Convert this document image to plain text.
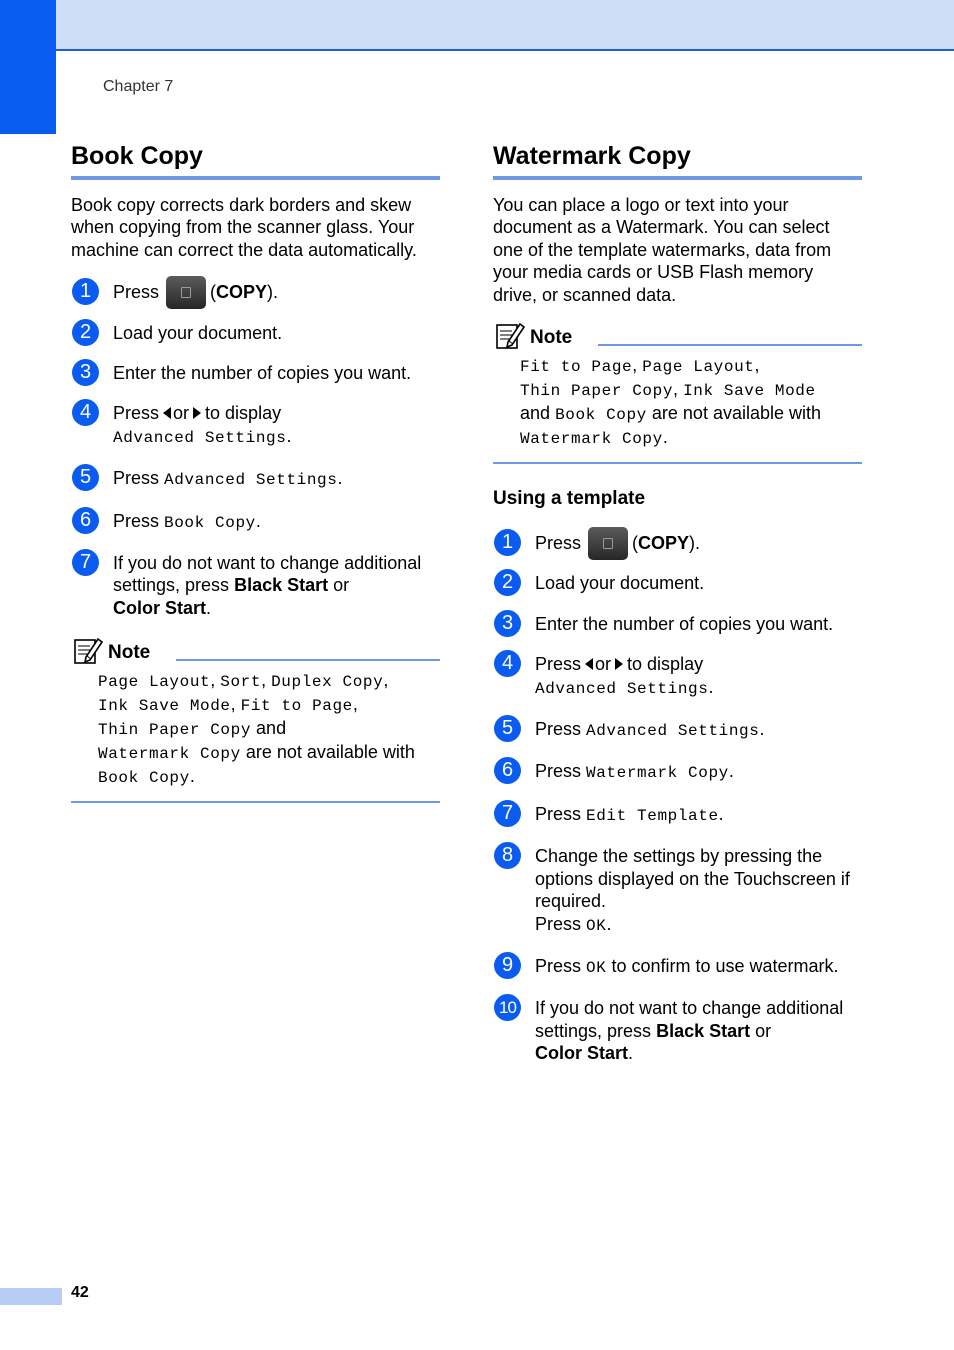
Chapter 7
Book Copy

Book copy corrects dark borders and skew when copying from the scanner glass. Your machine can correct the data automatically.

1	Press	(COPY).
2	Load your document.
3	Enter the number of copies you want.
4	Press or to display
Advanced Settings.
5	Press Advanced Settings.
6	Press Book Copy.
7	If you do not want to change additional settings, press Black Start or
Color Start.
Note
Page Layout, Sort, Duplex Copy,
Ink Save Mode, Fit to Page,
Thin Paper Copy and
Watermark Copy are not available with
Book Copy.
Watermark Copy

You can place a logo or text into your document as a Watermark. You can select one of the template watermarks, data from your media cards or USB Flash memory drive, or scanned data.

Note
Fit to Page, Page Layout,
Thin Paper Copy, Ink Save Mode
and Book Copy are not available with
Watermark Copy.
Using a template
1	Press	(COPY).
2	Load your document.
3	Enter the number of copies you want.
4	Press or to display
Advanced Settings.
5	Press Advanced Settings.
6	Press Watermark Copy.
7	Press Edit Template.
8	Change the settings by pressing the options displayed on the Touchscreen if required.
Press OK.
9	Press OK to confirm to use watermark.
10 If you do not want to change additional settings, press Black Start or
Color Start.
42
